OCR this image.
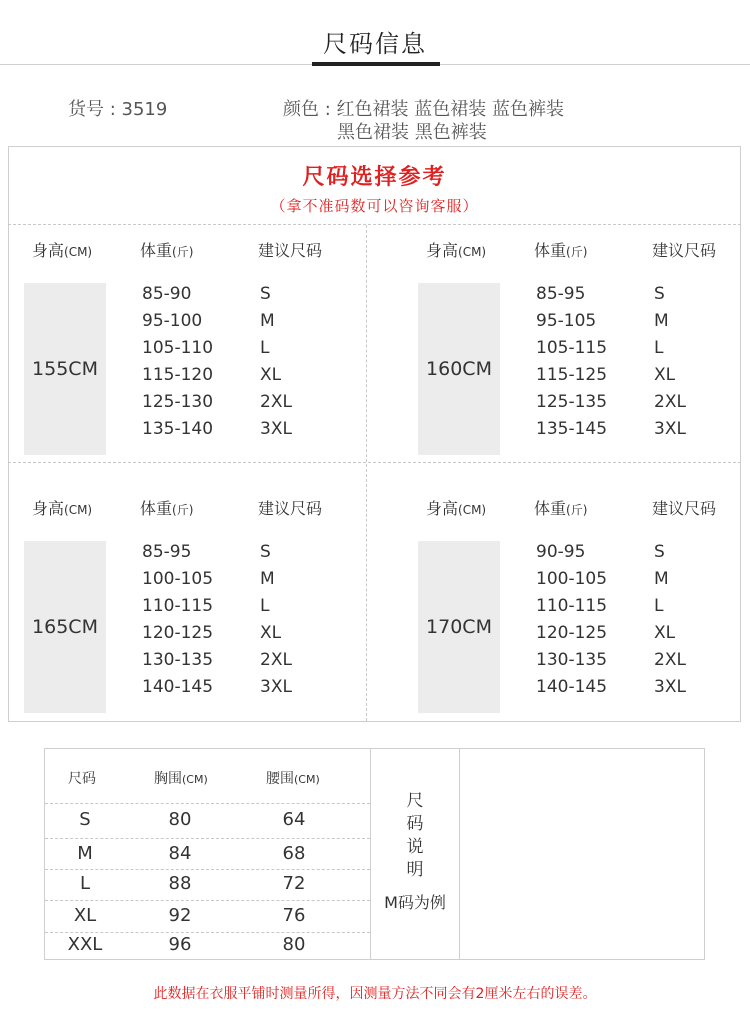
尺码信息
货号 : 3519	颜色 : 红色裙装 蓝色裙装 蓝色裤装
黑色裙装 黑色裤装
尺码选择参考
（拿不准码数可以咨询客服）
身高(CM)	体重(斤)	建议尺码
155CM
85-90	S
95-100	M
105-110	L
115-120	XL
125-130	2XL
135-140	3XL
身高(CM)	体重(斤)	建议尺码
160CM
85-95	S
95-105	M
105-115	L
115-125	XL
125-135	2XL
135-145	3XL
身高(CM)	体重(斤)	建议尺码
165CM
85-95	S
100-105	M
110-115	L
120-125	XL
130-135	2XL
140-145	3XL
身高(CM)	体重(斤)	建议尺码
170CM
90-95	S
100-105	M
110-115	L
120-125	XL
130-135	2XL
140-145	3XL
尺码	胸围(CM)	腰围(CM)
S	80	64
M	84	68
L	88	72
XL	92	76
XXL	96	80
尺
码
说
明
M码为例
此数据在衣服平铺时测量所得，因测量方法不同会有2厘米左右的误差。
